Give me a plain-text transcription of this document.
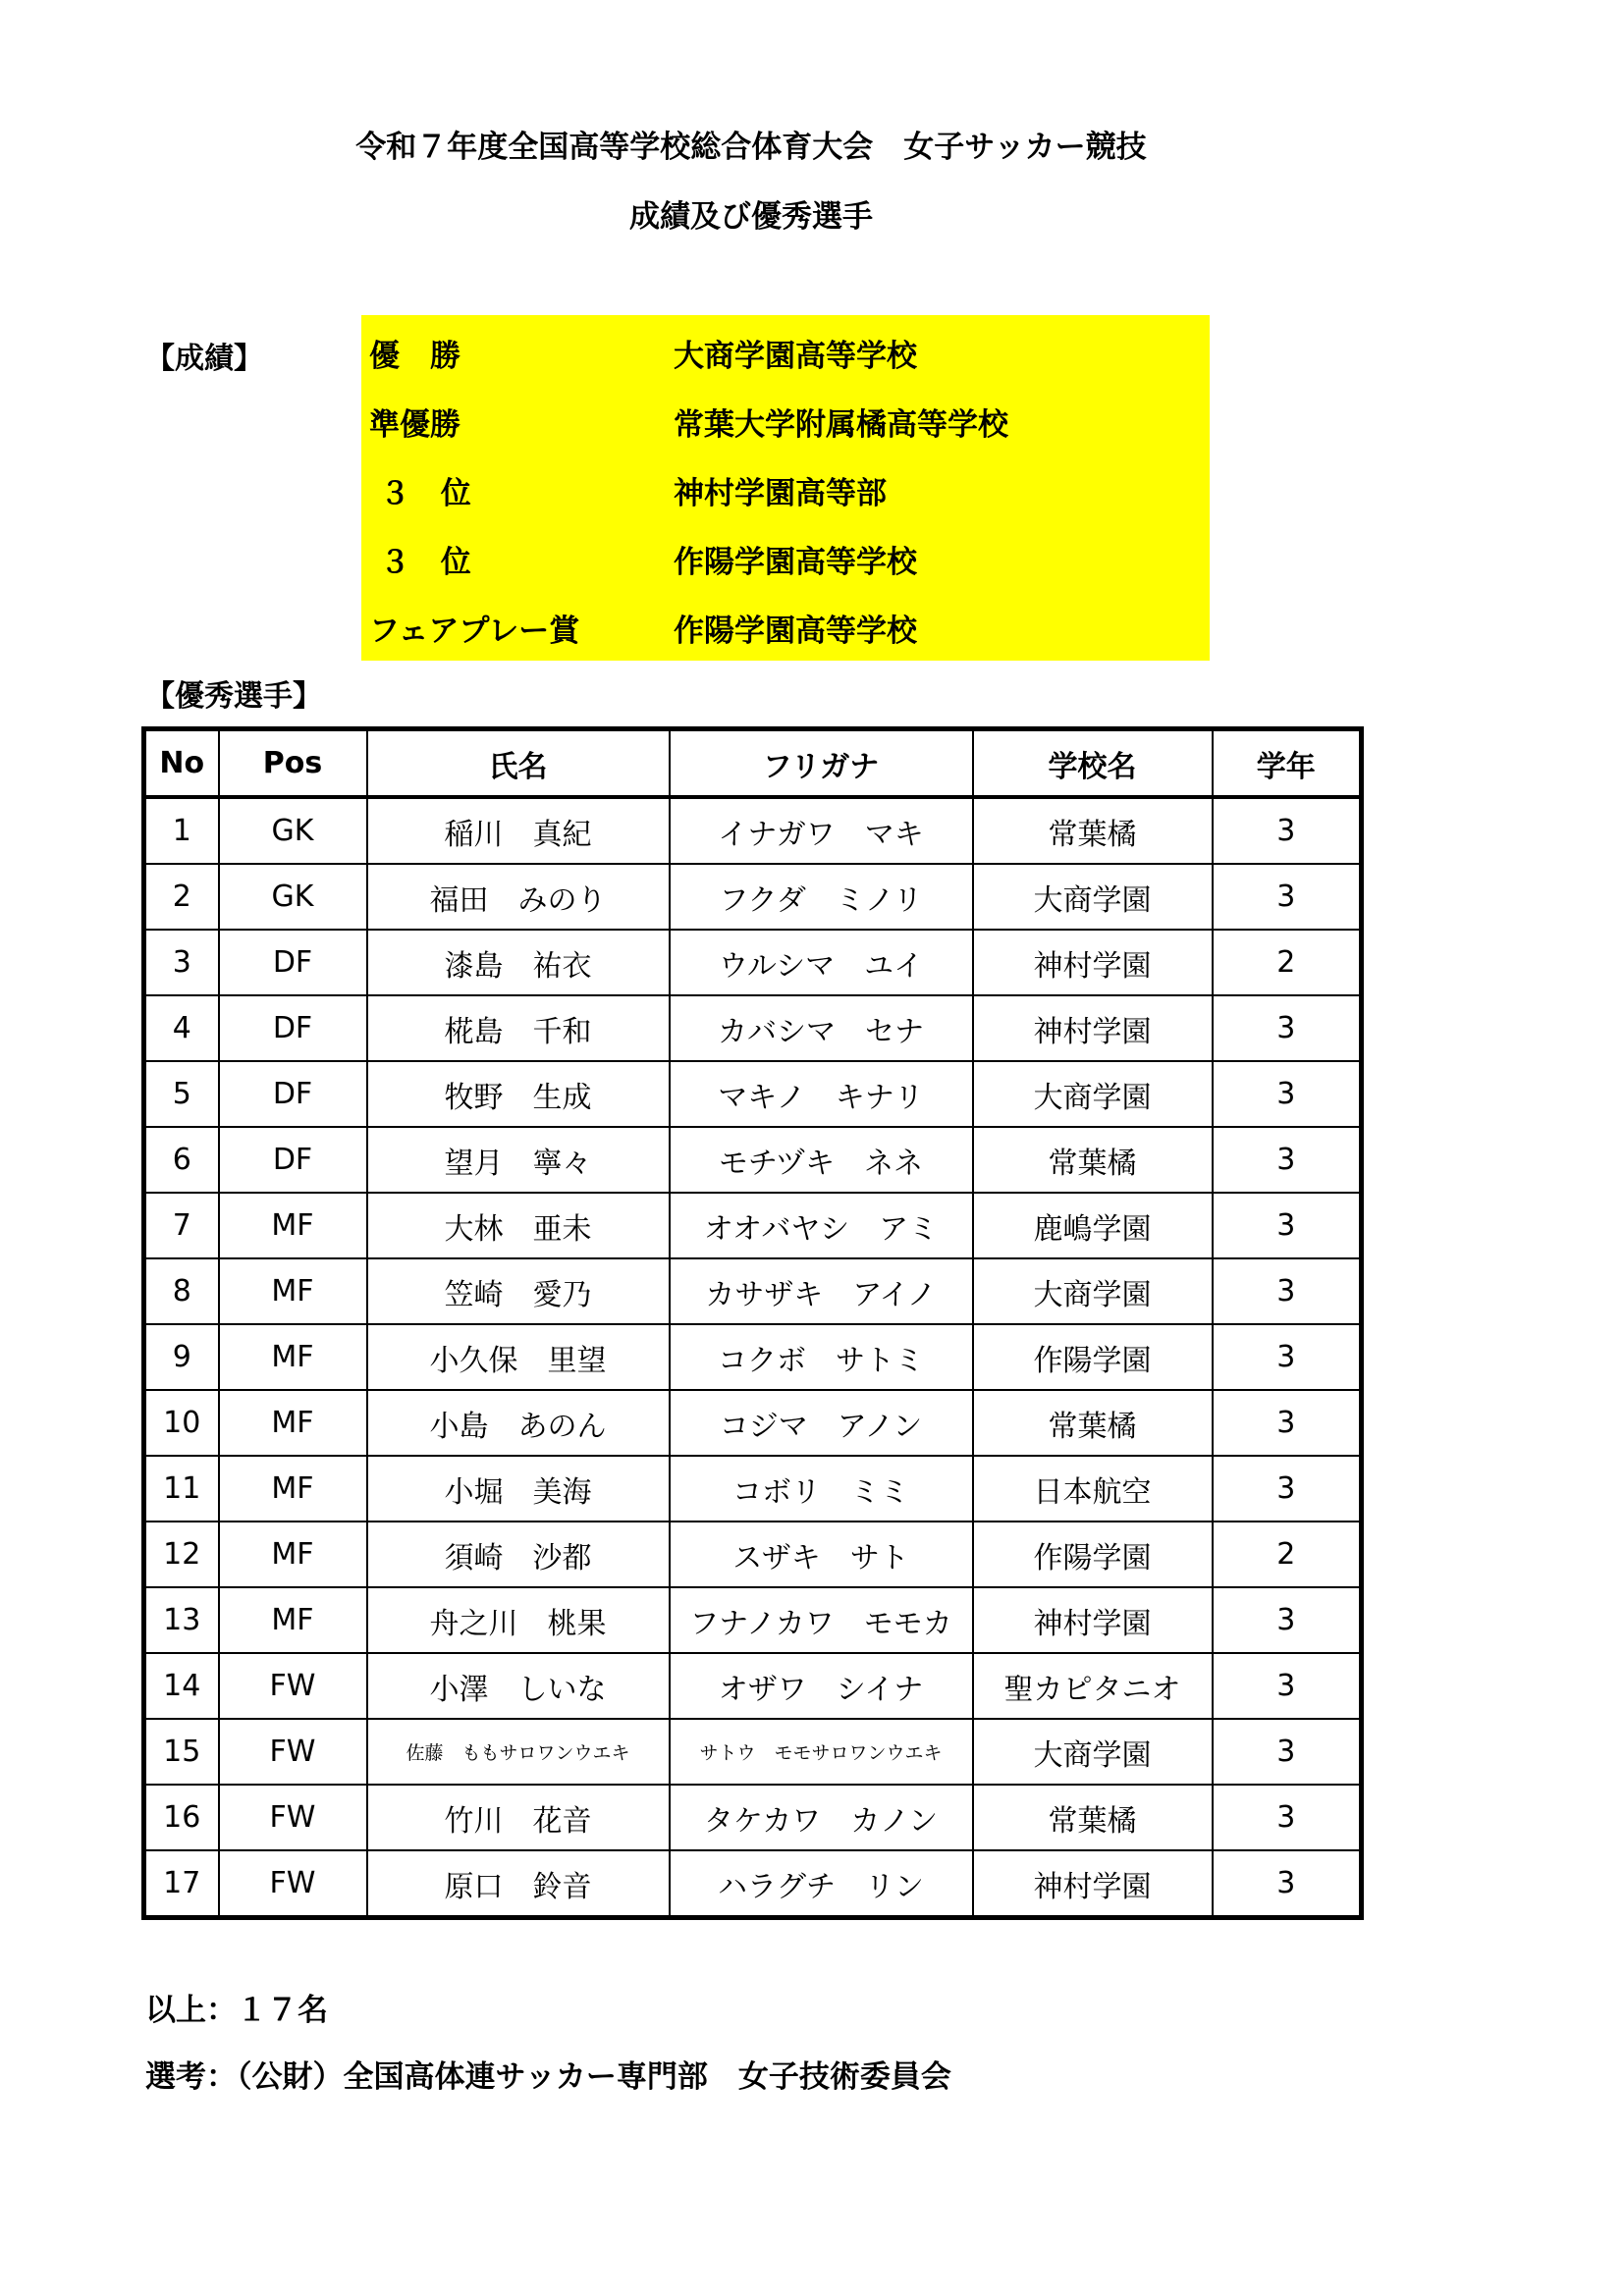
令和７年度全国高等学校総合体育大会　女子サッカー競技
成績及び優秀選手
【成績】	優　勝	大商学園高等学校
準優勝	常葉大学附属橘高等学校
３　位	神村学園高等部
３　位	作陽学園高等学校
フェアプレー賞	作陽学園高等学校
【優秀選手】
No	Pos	氏名	フリガナ	学校名	学年
1	GK	稲川　真紀	イナガワ　マキ	常葉橘	3
2	GK	福田　みのり	フクダ　ミノリ	大商学園	3
3	DF	漆島　祐衣	ウルシマ　ユイ	神村学園	2
4	DF	椛島　千和	カバシマ　セナ	神村学園	3
5	DF	牧野　生成	マキノ　キナリ	大商学園	3
6	DF	望月　寧々	モチヅキ　ネネ	常葉橘	3
7	MF	大林　亜未	オオバヤシ　アミ	鹿嶋学園	3
8	MF	笠崎　愛乃	カサザキ　アイノ	大商学園	3
9	MF	小久保　里望	コクボ　サトミ	作陽学園	3
10	MF	小島　あのん	コジマ　アノン	常葉橘	3
11	MF	小堀　美海	コボリ　ミミ	日本航空	3
12	MF	須崎　沙都	スザキ　サト	作陽学園	2
13	MF	舟之川　桃果	フナノカワ　モモカ	神村学園	3
14	FW	小澤　しいな	オザワ　シイナ	聖カピタニオ	3
15	FW	佐藤　ももサロワンウエキ	サトウ　モモサロワンウエキ	大商学園	3
16	FW	竹川　花音	タケカワ　カノン	常葉橘	3
17	FW	原口　鈴音	ハラグチ　リン	神村学園	3
以上：１７名
選考：（公財）全国高体連サッカー専門部　女子技術委員会
